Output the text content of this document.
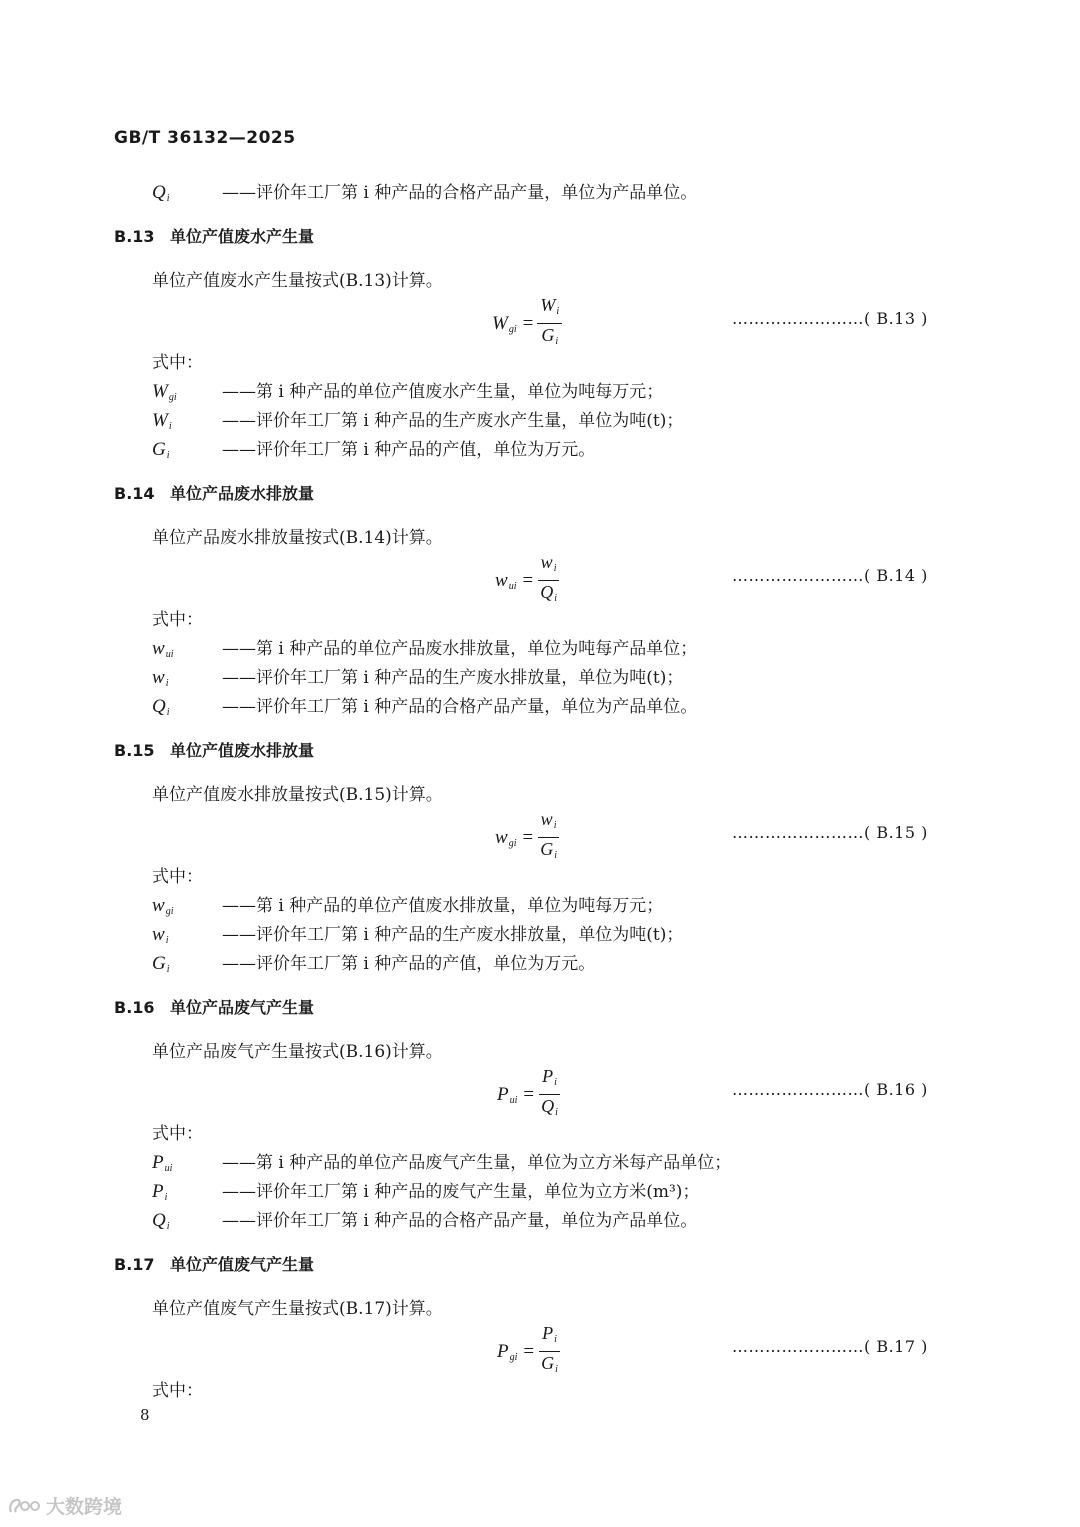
GB/T 36132—2025
$Q_i$	——评价年工厂第 i 种产品的合格产品产量，单位为产品单位。
B.13 单位产值废水产生量
单位产值废水产生量按式(B.13)计算。
$W_{gi} = \frac{W_i}{G_i}$	……………………( B.13 )
式中：
$W_{gi}$	——第 i 种产品的单位产值废水产生量，单位为吨每万元；
$W_i$	——评价年工厂第 i 种产品的生产废水产生量，单位为吨(t)；
$G_i$	——评价年工厂第 i 种产品的产值，单位为万元。
B.14 单位产品废水排放量
单位产品废水排放量按式(B.14)计算。
$w_{ui} = \frac{w_i}{Q_i}$	……………………( B.14 )
式中：
$w_{ui}$	——第 i 种产品的单位产品废水排放量，单位为吨每产品单位；
$w_i$	——评价年工厂第 i 种产品的生产废水排放量，单位为吨(t)；
$Q_i$	——评价年工厂第 i 种产品的合格产品产量，单位为产品单位。
B.15 单位产值废水排放量
单位产值废水排放量按式(B.15)计算。
$w_{gi} = \frac{w_i}{G_i}$	……………………( B.15 )
式中：
$w_{gi}$	——第 i 种产品的单位产值废水排放量，单位为吨每万元；
$w_i$	——评价年工厂第 i 种产品的生产废水排放量，单位为吨(t)；
$G_i$	——评价年工厂第 i 种产品的产值，单位为万元。
B.16 单位产品废气产生量
单位产品废气产生量按式(B.16)计算。
$P_{ui} = \frac{P_i}{Q_i}$	……………………( B.16 )
式中：
$P_{ui}$	——第 i 种产品的单位产品废气产生量，单位为立方米每产品单位；
$P_i$	——评价年工厂第 i 种产品的废气产生量，单位为立方米(m³)；
$Q_i$	——评价年工厂第 i 种产品的合格产品产量，单位为产品单位。
B.17 单位产值废气产生量
单位产值废气产生量按式(B.17)计算。
$P_{gi} = \frac{P_i}{G_i}$	……………………( B.17 )
式中：
8
大数跨境
